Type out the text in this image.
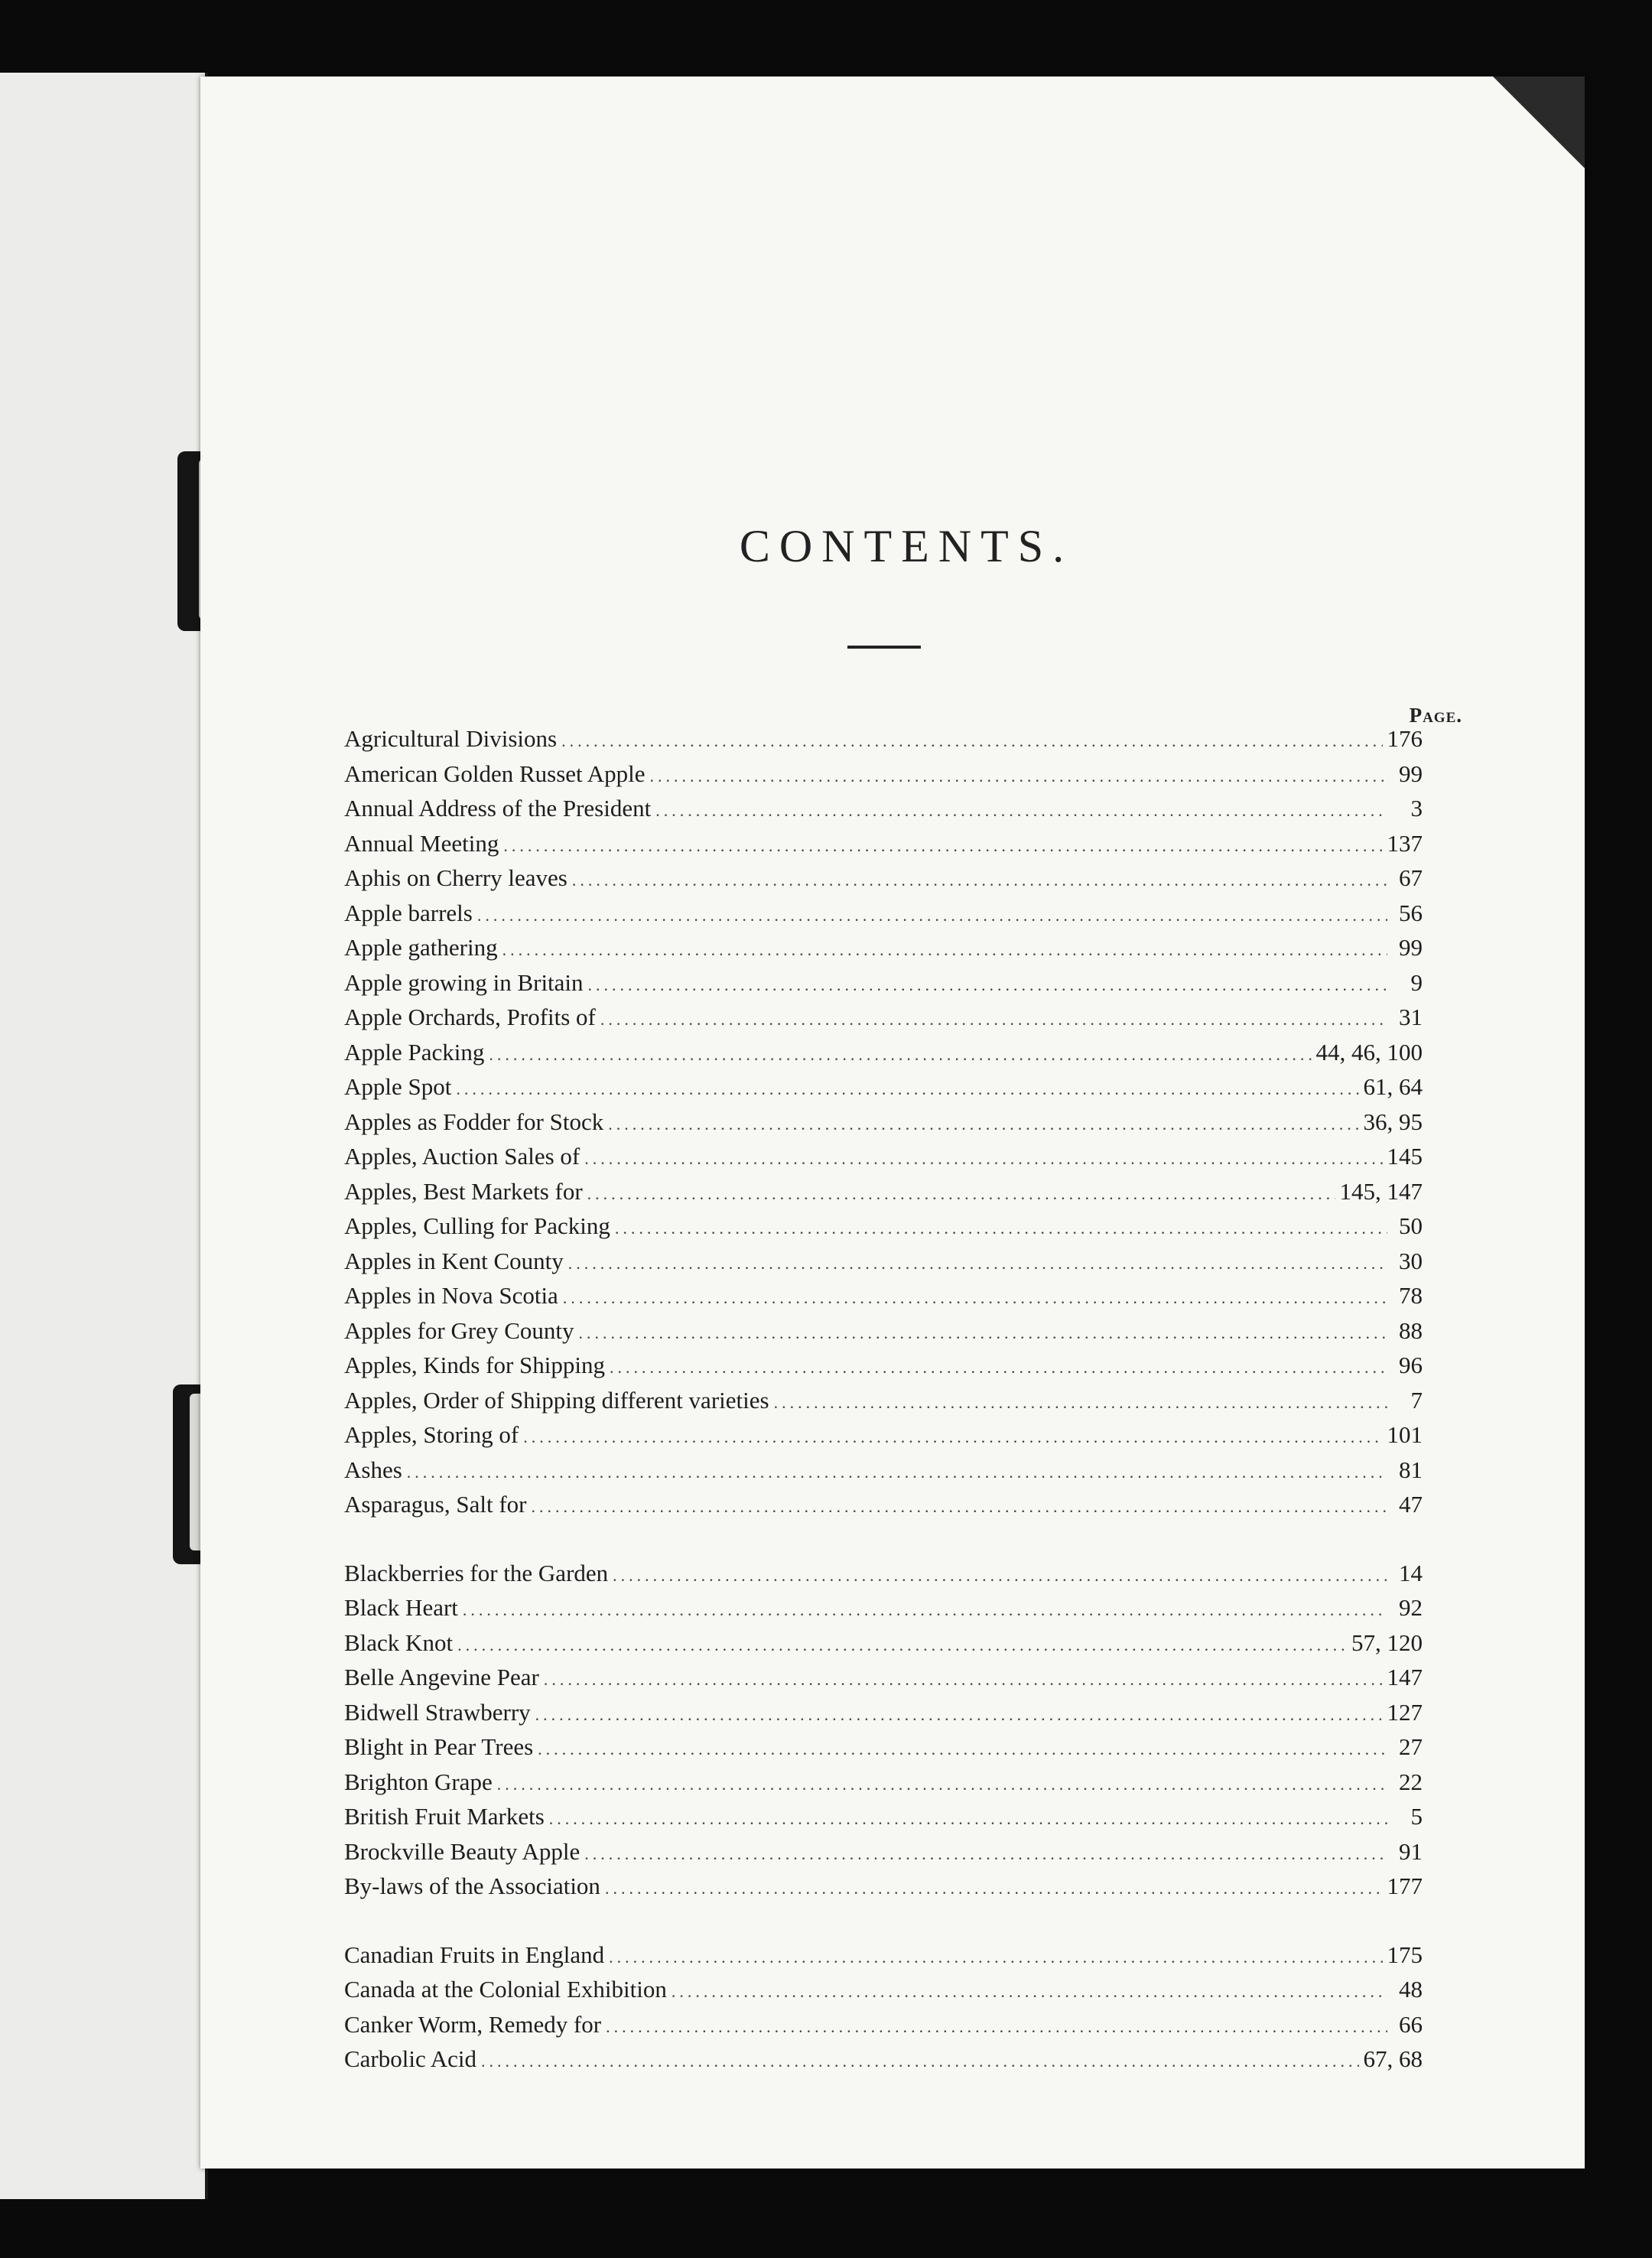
CONTENTS.
Page.
Agricultural Divisions .....	176
American Golden Russet Apple .....	99
Annual Address of the President .....	3
Annual Meeting .....	137
Aphis on Cherry leaves .....	67
Apple barrels .....	56
Apple gathering .....	99
Apple growing in Britain .....	9
Apple Orchards, Profits of .....	31
Apple Packing .....	44, 46, 100
Apple Spot .....	61, 64
Apples as Fodder for Stock .....	36, 95
Apples, Auction Sales of .....	145
Apples, Best Markets for .....	145, 147
Apples, Culling for Packing .....	50
Apples in Kent County .....	30
Apples in Nova Scotia .....	78
Apples for Grey County .....	88
Apples, Kinds for Shipping .....	96
Apples, Order of Shipping different varieties .....	7
Apples, Storing of .....	101
Ashes .....	81
Asparagus, Salt for .....	47
Blackberries for the Garden .....	14
Black Heart .....	92
Black Knot .....	57, 120
Belle Angevine Pear .....	147
Bidwell Strawberry .....	127
Blight in Pear Trees .....	27
Brighton Grape .....	22
British Fruit Markets .....	5
Brockville Beauty Apple .....	91
By-laws of the Association .....	177
Canadian Fruits in England .....	175
Canada at the Colonial Exhibition .....	48
Canker Worm, Remedy for .....	66
Carbolic Acid .....	67, 68
